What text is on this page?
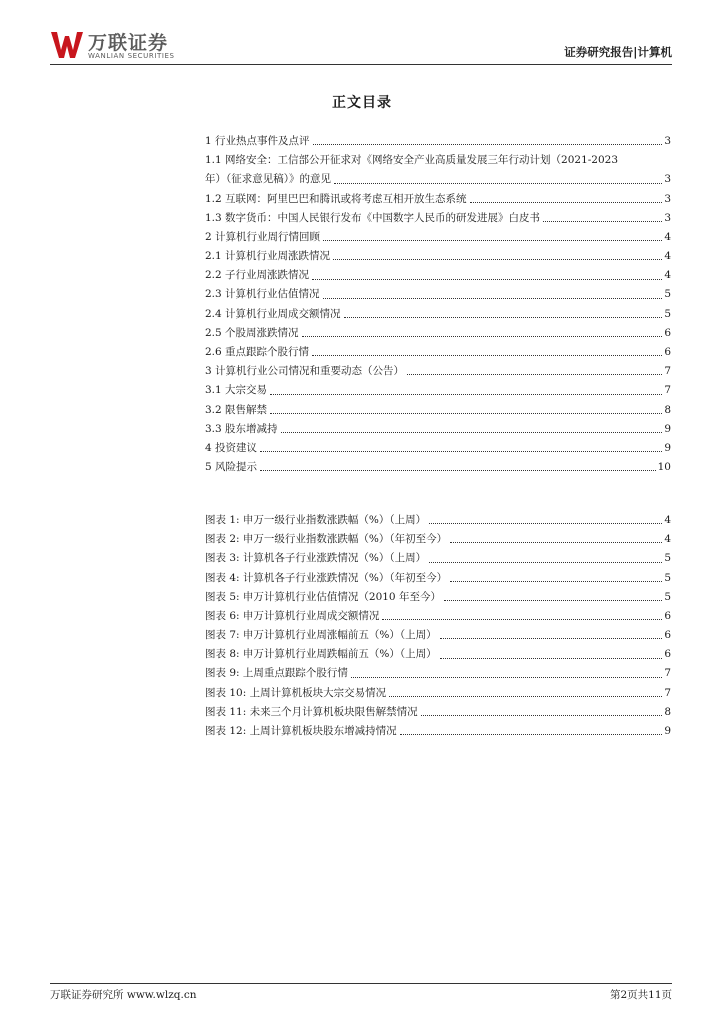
万联证券
WANLIAN SECURITIES	证券研究报告|计算机
正文目录
1 行业热点事件及点评	3
1.1 网络安全：工信部公开征求对《网络安全产业高质量发展三年行动计划（2021-2023
年）（征求意见稿）》的意见	3
1.2 互联网：阿里巴巴和腾讯或将考虑互相开放生态系统	3
1.3 数字货币：中国人民银行发布《中国数字人民币的研发进展》白皮书	3
2 计算机行业周行情回顾	4
2.1 计算机行业周涨跌情况	4
2.2 子行业周涨跌情况	4
2.3 计算机行业估值情况	5
2.4 计算机行业周成交额情况	5
2.5 个股周涨跌情况	6
2.6 重点跟踪个股行情	6
3 计算机行业公司情况和重要动态（公告）	7
3.1 大宗交易	7
3.2 限售解禁	8
3.3 股东增减持	9
4 投资建议	9
5 风险提示	10
图表 1: 申万一级行业指数涨跌幅（%）（上周）	4
图表 2: 申万一级行业指数涨跌幅（%）（年初至今）	4
图表 3: 计算机各子行业涨跌情况（%）（上周）	5
图表 4: 计算机各子行业涨跌情况（%）（年初至今）	5
图表 5: 申万计算机行业估值情况（2010 年至今）	5
图表 6: 申万计算机行业周成交额情况	6
图表 7: 申万计算机行业周涨幅前五（%）（上周）	6
图表 8: 申万计算机行业周跌幅前五（%）（上周）	6
图表 9: 上周重点跟踪个股行情	7
图表 10: 上周计算机板块大宗交易情况	7
图表 11: 未来三个月计算机板块限售解禁情况	8
图表 12: 上周计算机板块股东增减持情况	9
万联证券研究所 www.wlzq.cn	第2页共11页
